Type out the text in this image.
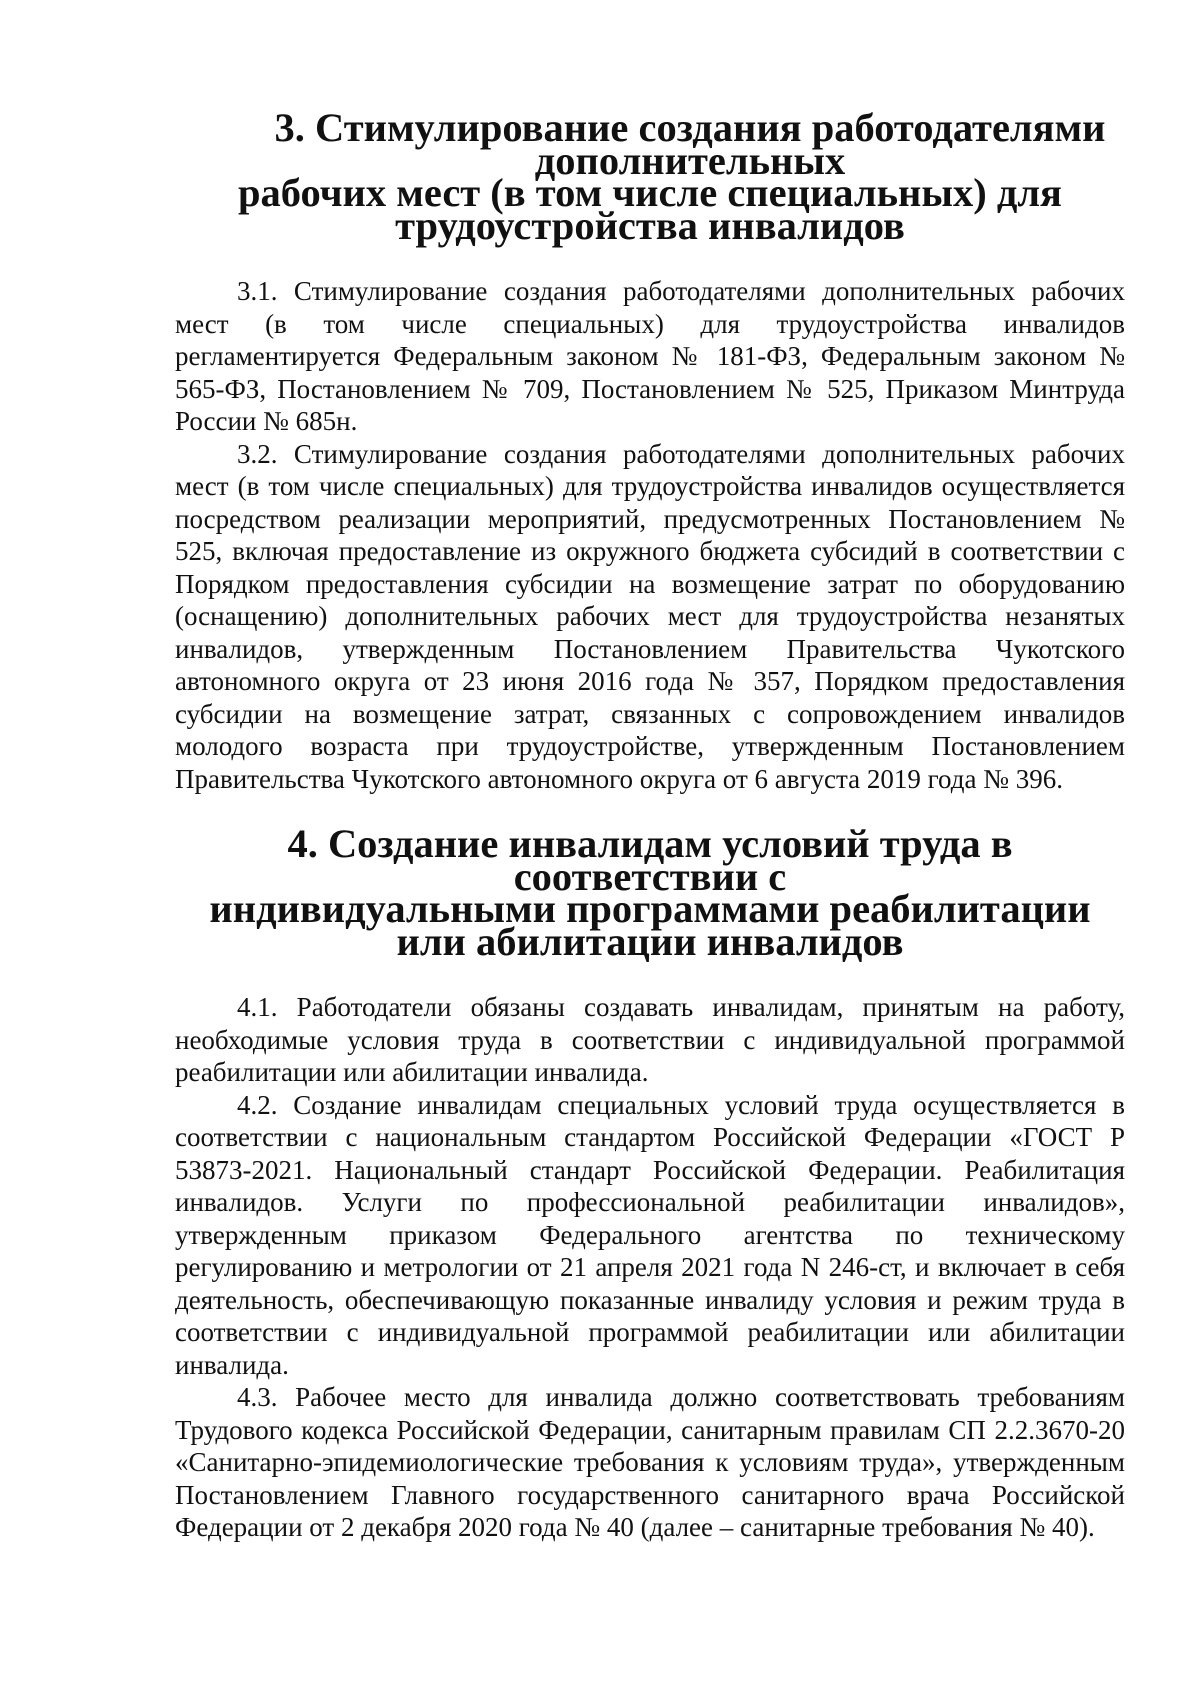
3. Стимулирование создания работодателями дополнительных
рабочих мест (в том числе специальных) для трудоустройства инвалидов

3.1. Стимулирование создания работодателями дополнительных рабочих мест (в том числе специальных) для трудоустройства инвалидов регламентируется Федеральным законом № 181-ФЗ, Федеральным законом № 565-ФЗ, Постановлением № 709, Постановлением № 525, Приказом Минтруда России № 685н.

3.2. Стимулирование создания работодателями дополнительных рабочих мест (в том числе специальных) для трудоустройства инвалидов осуществляется посредством реализации мероприятий, предусмотренных Постановлением № 525, включая предоставление из окружного бюджета субсидий в соответствии с Порядком предоставления субсидии на возмещение затрат по оборудованию (оснащению) дополнительных рабочих мест для трудоустройства незанятых инвалидов, утвержденным Постановлением Правительства Чукотского автономного округа от 23 июня 2016 года № 357, Порядком предоставления субсидии на возмещение затрат, связанных с сопровождением инвалидов молодого возраста при трудоустройстве, утвержденным Постановлением Правительства Чукотского автономного округа от 6 августа 2019 года № 396.

4. Создание инвалидам условий труда в соответствии с
индивидуальными программами реабилитации
или абилитации инвалидов

4.1. Работодатели обязаны создавать инвалидам, принятым на работу, необходимые условия труда в соответствии с индивидуальной программой реабилитации или абилитации инвалида.

4.2. Создание инвалидам специальных условий труда осуществляется в соответствии с национальным стандартом Российской Федерации «ГОСТ Р 53873-2021. Национальный стандарт Российской Федерации. Реабилитация инвалидов. Услуги по профессиональной реабилитации инвалидов», утвержденным приказом Федерального агентства по техническому регулированию и метрологии от 21 апреля 2021 года N 246-ст, и включает в себя деятельность, обеспечивающую показанные инвалиду условия и режим труда в соответствии с индивидуальной программой реабилитации или абилитации инвалида.

4.3. Рабочее место для инвалида должно соответствовать требованиям Трудового кодекса Российской Федерации, санитарным правилам СП 2.2.3670-20 «Санитарно-эпидемиологические требования к условиям труда», утвержденным Постановлением Главного государственного санитарного врача Российской Федерации от 2 декабря 2020 года № 40 (далее – санитарные требования № 40).
